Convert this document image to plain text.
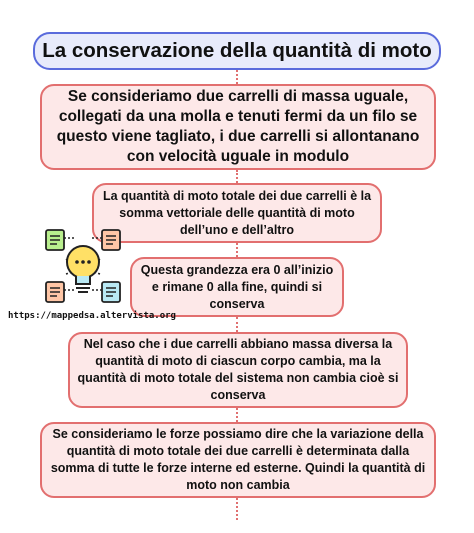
La conservazione della quantità di moto
Se consideriamo due carrelli di massa uguale, collegati da una molla e tenuti fermi da un filo se questo viene tagliato, i due carrelli si allontanano con velocità uguale in modulo
La quantità di moto totale dei due carrelli è la somma vettoriale delle quantità di moto dell’uno e dell’altro
Questa grandezza era 0 all’inizio e rimane 0 alla fine, quindi si conserva
Nel caso che i due carrelli abbiano massa diversa la quantità di moto di ciascun corpo cambia, ma la quantità di moto totale del sistema non cambia cioè si conserva
Se consideriamo le forze possiamo dire che la variazione della quantità di moto totale dei due carrelli è determinata dalla somma di tutte le forze interne ed esterne. Quindi la quantità di moto non cambia
https://mappedsa.altervista.org
